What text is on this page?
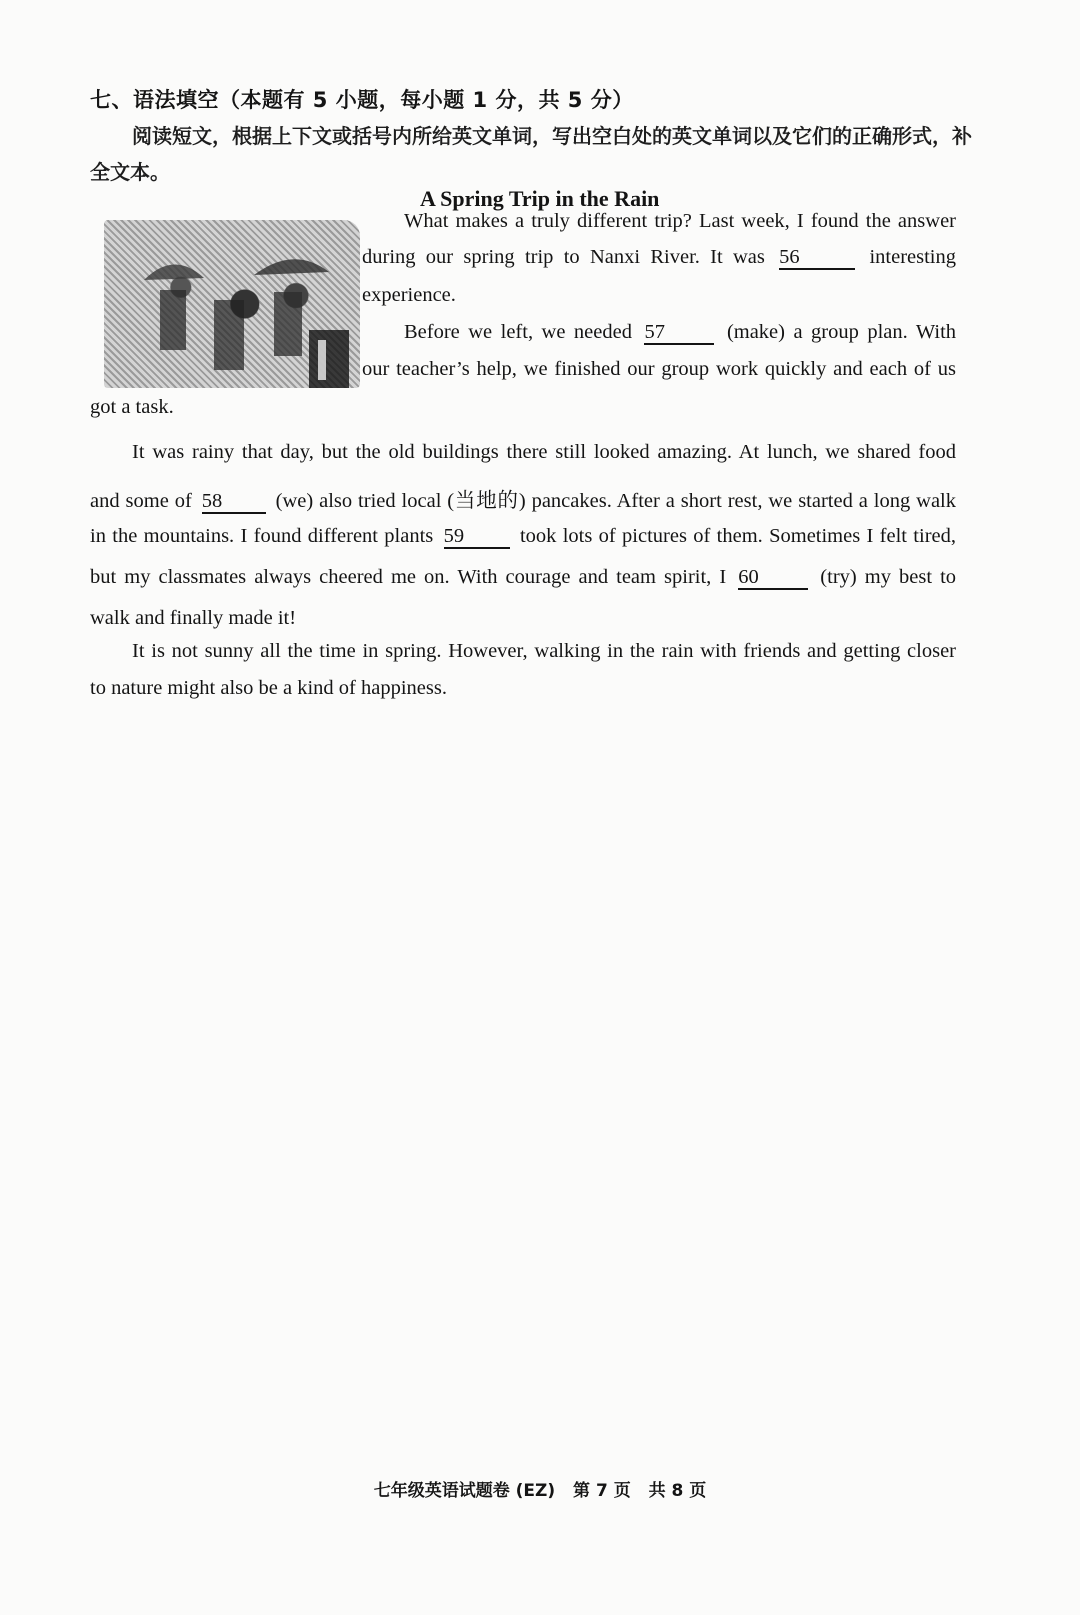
七、语法填空（本题有 5 小题，每小题 1 分，共 5 分）
阅读短文，根据上下文或括号内所给英文单词，写出空白处的英文单词以及它们的正确形式，补全文本。
A Spring Trip in the Rain
What makes a truly different trip? Last week, I found the answer
during our spring trip to Nanxi River. It was 56	interesting
experience.
Before we left, we needed 57	(make) a group plan. With
our teacher’s help, we finished our group work quickly and each of us
got a task.
It was rainy that day, but the old buildings there still looked amazing. At lunch, we shared food
and some of 58	(we) also tried local (当地的) pancakes. After a short rest, we started a long walk
in the mountains. I found different plants 59	took lots of pictures of them. Sometimes I felt tired,
but my classmates always cheered me on. With courage and team spirit, I 60	(try) my best to
walk and finally made it!
It is not sunny all the time in spring. However, walking in the rain with friends and getting closer
to nature might also be a kind of happiness.
七年级英语试题卷 (EZ) 第 7 页 共 8 页
